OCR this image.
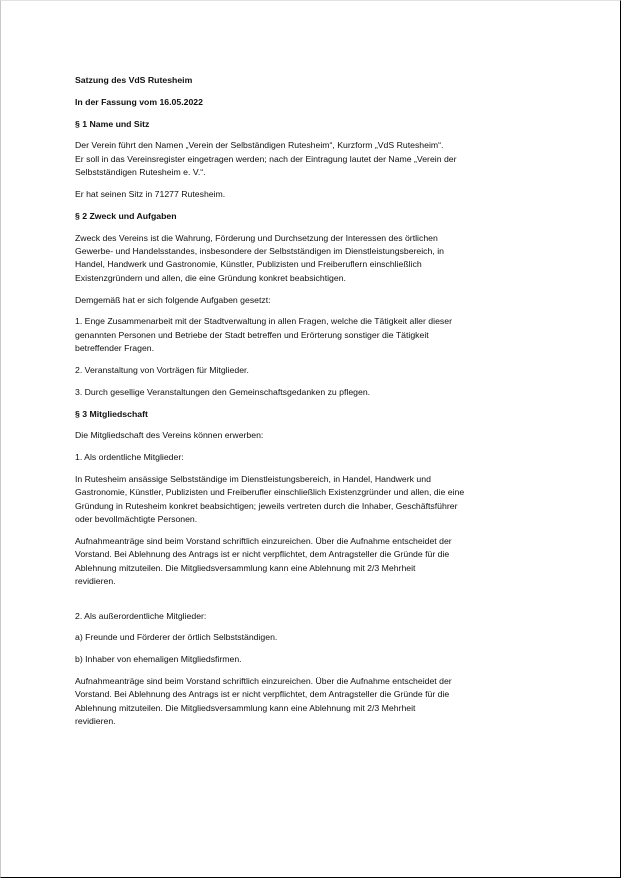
Satzung des VdS Rutesheim

In der Fassung vom 16.05.2022

§ 1 Name und Sitz

Der Verein führt den Namen „Verein der Selbständigen Rutesheim“, Kurzform „VdS Rutesheim“.
Er soll in das Vereinsregister eingetragen werden; nach der Eintragung lautet der Name „Verein der
Selbstständigen Rutesheim e. V.“.

Er hat seinen Sitz in 71277 Rutesheim.

§ 2 Zweck und Aufgaben

Zweck des Vereins ist die Wahrung, Förderung und Durchsetzung der Interessen des örtlichen
Gewerbe- und Handelsstandes, insbesondere der Selbstständigen im Dienstleistungsbereich, in
Handel, Handwerk und Gastronomie, Künstler, Publizisten und Freiberuflern einschließlich
Existenzgründern und allen, die eine Gründung konkret beabsichtigen.

Demgemäß hat er sich folgende Aufgaben gesetzt:

1. Enge Zusammenarbeit mit der Stadtverwaltung in allen Fragen, welche die Tätigkeit aller dieser
genannten Personen und Betriebe der Stadt betreffen und Erörterung sonstiger die Tätigkeit
betreffender Fragen.

2. Veranstaltung von Vorträgen für Mitglieder.

3. Durch gesellige Veranstaltungen den Gemeinschaftsgedanken zu pflegen.

§ 3 Mitgliedschaft

Die Mitgliedschaft des Vereins können erwerben:

1. Als ordentliche Mitglieder:

In Rutesheim ansässige Selbstständige im Dienstleistungsbereich, in Handel, Handwerk und
Gastronomie, Künstler, Publizisten und Freiberufler einschließlich Existenzgründer und allen, die eine
Gründung in Rutesheim konkret beabsichtigen; jeweils vertreten durch die Inhaber, Geschäftsführer
oder bevollmächtigte Personen.

Aufnahmeanträge sind beim Vorstand schriftlich einzureichen. Über die Aufnahme entscheidet der
Vorstand. Bei Ablehnung des Antrags ist er nicht verpflichtet, dem Antragsteller die Gründe für die
Ablehnung mitzuteilen. Die Mitgliedsversammlung kann eine Ablehnung mit 2/3 Mehrheit
revidieren.

2. Als außerordentliche Mitglieder:

a) Freunde und Förderer der örtlich Selbstständigen.

b) Inhaber von ehemaligen Mitgliedsfirmen.

Aufnahmeanträge sind beim Vorstand schriftlich einzureichen. Über die Aufnahme entscheidet der
Vorstand. Bei Ablehnung des Antrags ist er nicht verpflichtet, dem Antragsteller die Gründe für die
Ablehnung mitzuteilen. Die Mitgliedsversammlung kann eine Ablehnung mit 2/3 Mehrheit
revidieren.
